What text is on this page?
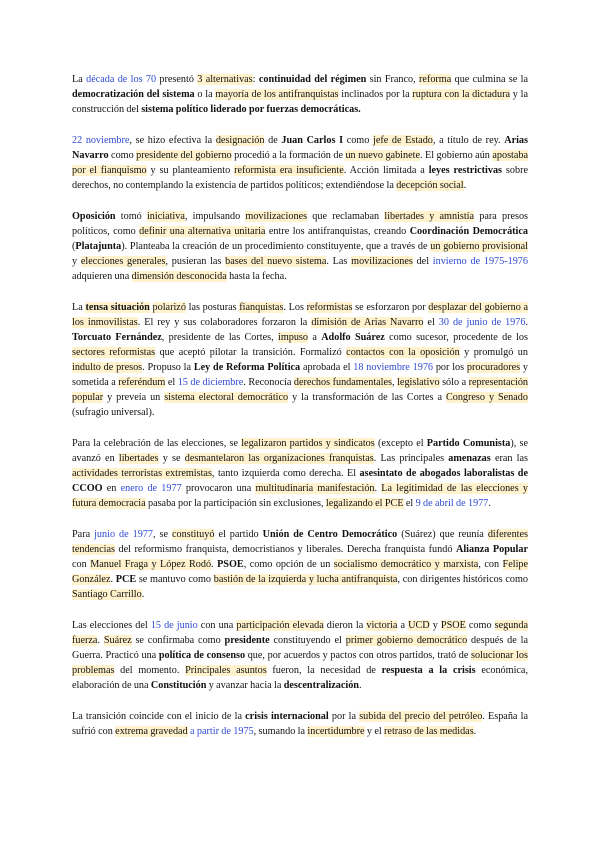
La década de los 70 presentó 3 alternativas: continuidad del régimen sin Franco, reforma que culmina se la democratización del sistema o la mayoría de los antifranquistas inclinados por la ruptura con la dictadura y la construcción del sistema político liderado por fuerzas democráticas.

22 noviembre, se hizo efectiva la designación de Juan Carlos I como jefe de Estado, a título de rey. Arias Navarro como presidente del gobierno procedió a la formación de un nuevo gabinete. El gobierno aún apostaba por el fianquismo y su planteamiento reformista era insuficiente. Acción limitada a leyes restrictivas sobre derechos, no contemplando la existencia de partidos políticos; extendiéndose la decepción social.

Oposición tomó iniciativa, impulsando movilizaciones que reclamaban libertades y amnistía para presos políticos, como definir una alternativa unitaria entre los antifranquistas, creando Coordinación Democrática (Platajunta). Planteaba la creación de un procedimiento constituyente, que a través de un gobierno provisional y elecciones generales, pusieran las bases del nuevo sistema. Las movilizaciones del invierno de 1975-1976 adquieren una dimensión desconocida hasta la fecha.

La tensa situación polarizó las posturas fianquistas. Los reformistas se esforzaron por desplazar del gobierno a los inmovilistas. El rey y sus colaboradores forzaron la dimisión de Arias Navarro el 30 de junio de 1976. Torcuato Fernández, presidente de las Cortes, impuso a Adolfo Suárez como sucesor, procedente de los sectores reformistas que aceptó pilotar la transición. Formalizó contactos con la oposición y promulgó un indulto de presos. Propuso la Ley de Reforma Política aprobada el 18 noviembre 1976 por los procuradores y sometida a referéndum el 15 de diciembre. Reconocía derechos fundamentales, legislativo sólo a representación popular y preveía un sistema electoral democrático y la transformación de las Cortes a Congreso y Senado (sufragio universal).

Para la celebración de las elecciones, se legalizaron partidos y sindicatos (excepto el Partido Comunista), se avanzó en libertades y se desmantelaron las organizaciones franquistas. Las principales amenazas eran las actividades terroristas extremistas, tanto izquierda como derecha. El asesintato de abogados laboralistas de CCOO en enero de 1977 provocaron una multitudinaria manifestación. La legitimidad de las elecciones y futura democracia pasaba por la participación sin exclusiones, legalizando el PCE el 9 de abril de 1977.

Para junio de 1977, se constituyó el partido Unión de Centro Democrático (Suárez) que reunía diferentes tendencias del reformismo franquista, democristianos y liberales. Derecha franquista fundó Alianza Popular con Manuel Fraga y López Rodó. PSOE, como opción de un socialismo democrático y marxista, con Felipe González. PCE se mantuvo como bastión de la izquierda y lucha antifranquista, con dirigentes históricos como Santiago Carrillo.

Las elecciones del 15 de junio con una participación elevada dieron la victoria a UCD y PSOE como segunda fuerza. Suárez se confirmaba como presidente constituyendo el primer gobierno democrático después de la Guerra. Practicó una política de consenso que, por acuerdos y pactos con otros partidos, trató de solucionar los problemas del momento. Principales asuntos fueron, la necesidad de respuesta a la crisis económica, elaboración de una Constitución y avanzar hacia la descentralización.

La transición coincide con el inicio de la crisis internacional por la subida del precio del petróleo. España la sufrió con extrema gravedad a partir de 1975, sumando la incertidumbre y el retraso de las medidas.
